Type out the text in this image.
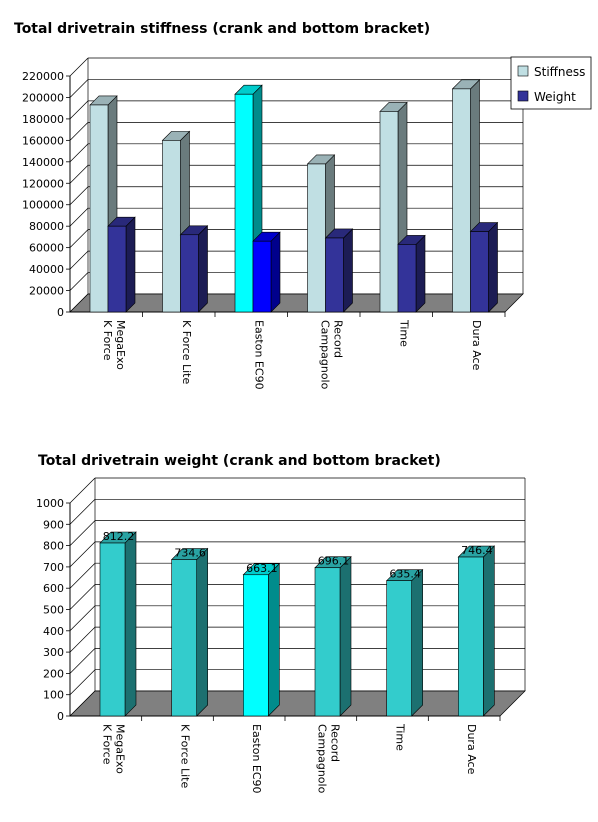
Total drivetrain stiffness (crank and bottom bracket)
0
20000
40000
60000
80000
100000
120000
140000
160000
180000
200000
220000
K Force MegaExo	K Force Lite	Easton EC90	Campagnolo Record	Time	Dura Ace
Stiffness
Weight
Total drivetrain weight (crank and bottom bracket)
0
100
200
300
400
500
600
700
800
900
1000
812.2
734.6
663.1
696.1
635.4
746.4
K Force MegaExo	K Force Lite	Easton EC90	Campagnolo Record	Time	Dura Ace
